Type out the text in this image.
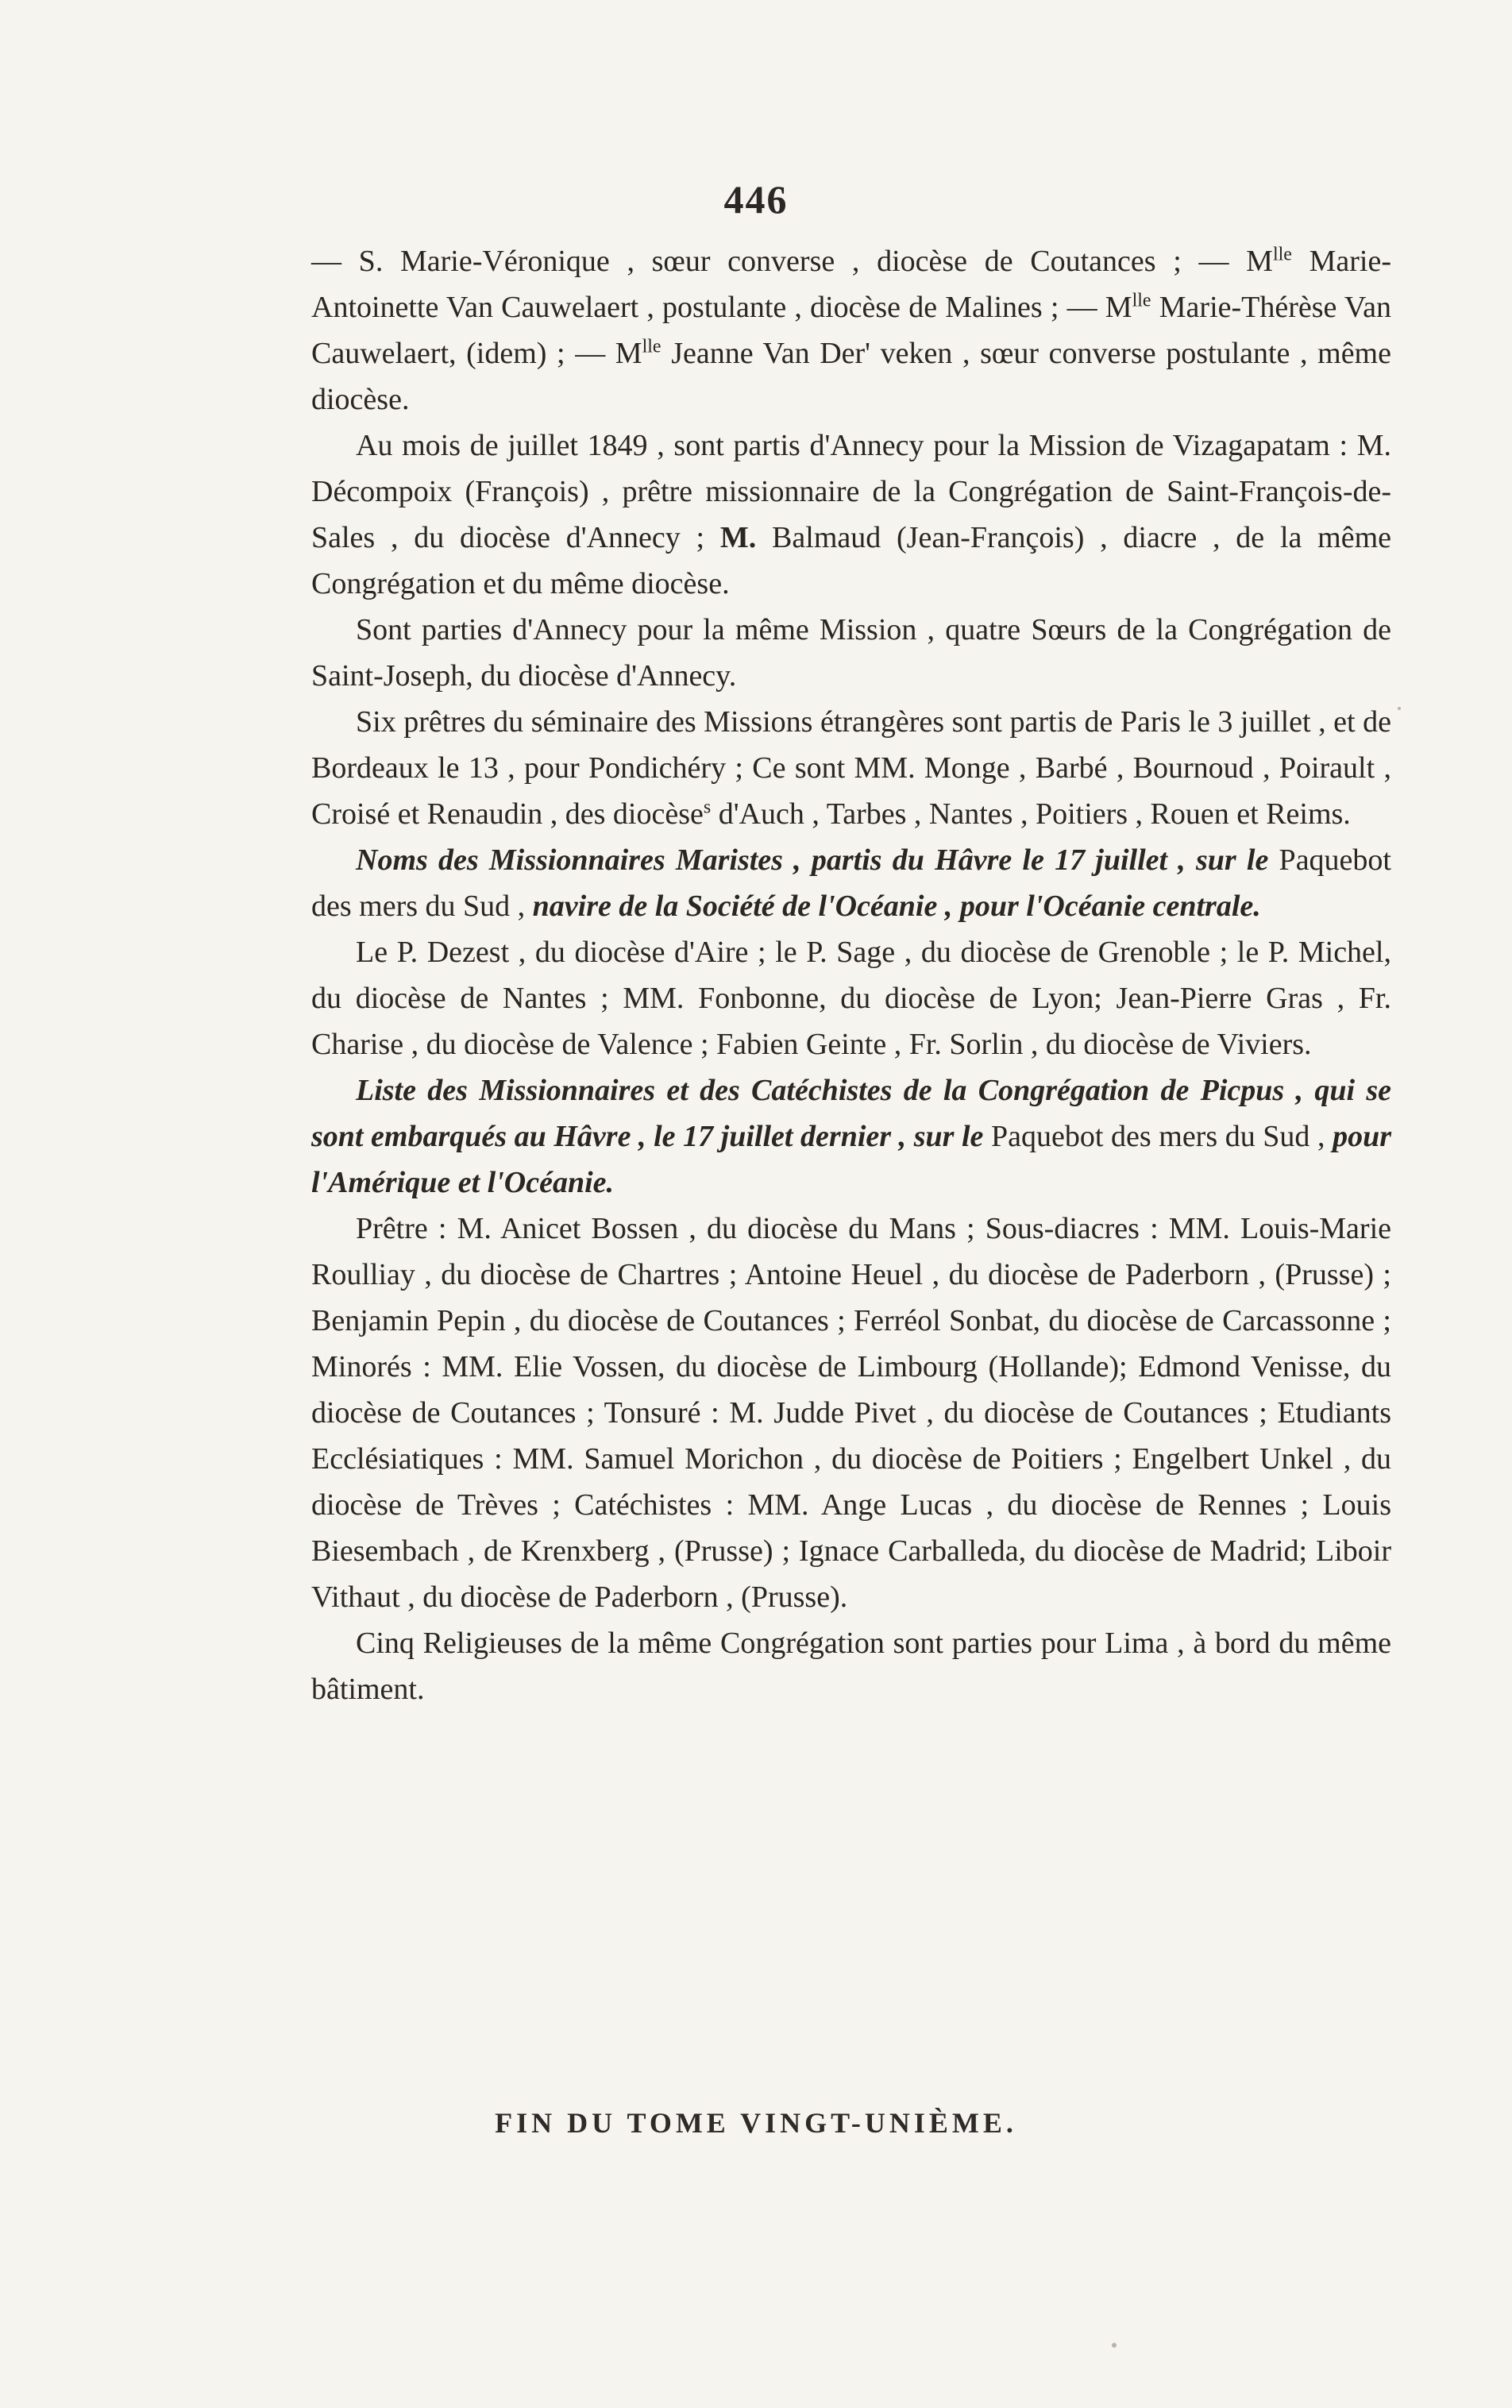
446

— S. Marie-Véronique , sœur converse , diocèse de Coutances ; — $M^{lle}$ Marie-Antoinette Van Cauwelaert , postulante , diocèse de Malines ; — $M^{lle}$ Marie-Thérèse Van Cauwelaert, (idem) ; — $M^{lle}$ Jeanne Van Der' veken , sœur converse postulante , même diocèse.

Au mois de juillet 1849 , sont partis d'Annecy pour la Mission de Vizagapatam : M. Décompoix (François) , prêtre missionnaire de la Congrégation de Saint-François-de-Sales , du diocèse d'Annecy ; M. Balmaud (Jean-François) , diacre , de la même Congrégation et du même diocèse.

Sont parties d'Annecy pour la même Mission , quatre Sœurs de la Congrégation de Saint-Joseph, du diocèse d'Annecy.

Six prêtres du séminaire des Missions étrangères sont partis de Paris le 3 juillet , et de Bordeaux le 13 , pour Pondichéry ; Ce sont MM. Monge , Barbé , Bournoud , Poirault , Croisé et Renaudin , des diocèse$^s$ d'Auch , Tarbes , Nantes , Poitiers , Rouen et Reims.

Noms des Missionnaires Maristes , partis du Hâvre le 17 juillet , sur le Paquebot des mers du Sud , navire de la Société de l'Océanie , pour l'Océanie centrale.

Le P. Dezest , du diocèse d'Aire ; le P. Sage , du diocèse de Grenoble ; le P. Michel, du diocèse de Nantes ; MM. Fonbonne, du diocèse de Lyon; Jean-Pierre Gras , Fr. Charise , du diocèse de Valence ; Fabien Geinte , Fr. Sorlin , du diocèse de Viviers.

Liste des Missionnaires et des Catéchistes de la Congrégation de Picpus , qui se sont embarqués au Hâvre , le 17 juillet dernier , sur le Paquebot des mers du Sud , pour l'Amérique et l'Océanie.

Prêtre : M. Anicet Bossen , du diocèse du Mans ; Sous-diacres : MM. Louis-Marie Roulliay , du diocèse de Chartres ; Antoine Heuel , du diocèse de Paderborn , (Prusse) ; Benjamin Pepin , du diocèse de Coutances ; Ferréol Sonbat, du diocèse de Carcassonne ; Minorés : MM. Elie Vossen, du diocèse de Limbourg (Hollande); Edmond Venisse, du diocèse de Coutances ; Tonsuré : M. Judde Pivet , du diocèse de Coutances ; Etudiants Ecclésiatiques : MM. Samuel Morichon , du diocèse de Poitiers ; Engelbert Unkel , du diocèse de Trèves ; Catéchistes : MM. Ange Lucas , du diocèse de Rennes ; Louis Biesembach , de Krenxberg , (Prusse) ; Ignace Carballeda, du diocèse de Madrid; Liboir Vithaut , du diocèse de Paderborn , (Prusse).

Cinq Religieuses de la même Congrégation sont parties pour Lima , à bord du même bâtiment.

FIN DU TOME VINGT-UNIÈME.
